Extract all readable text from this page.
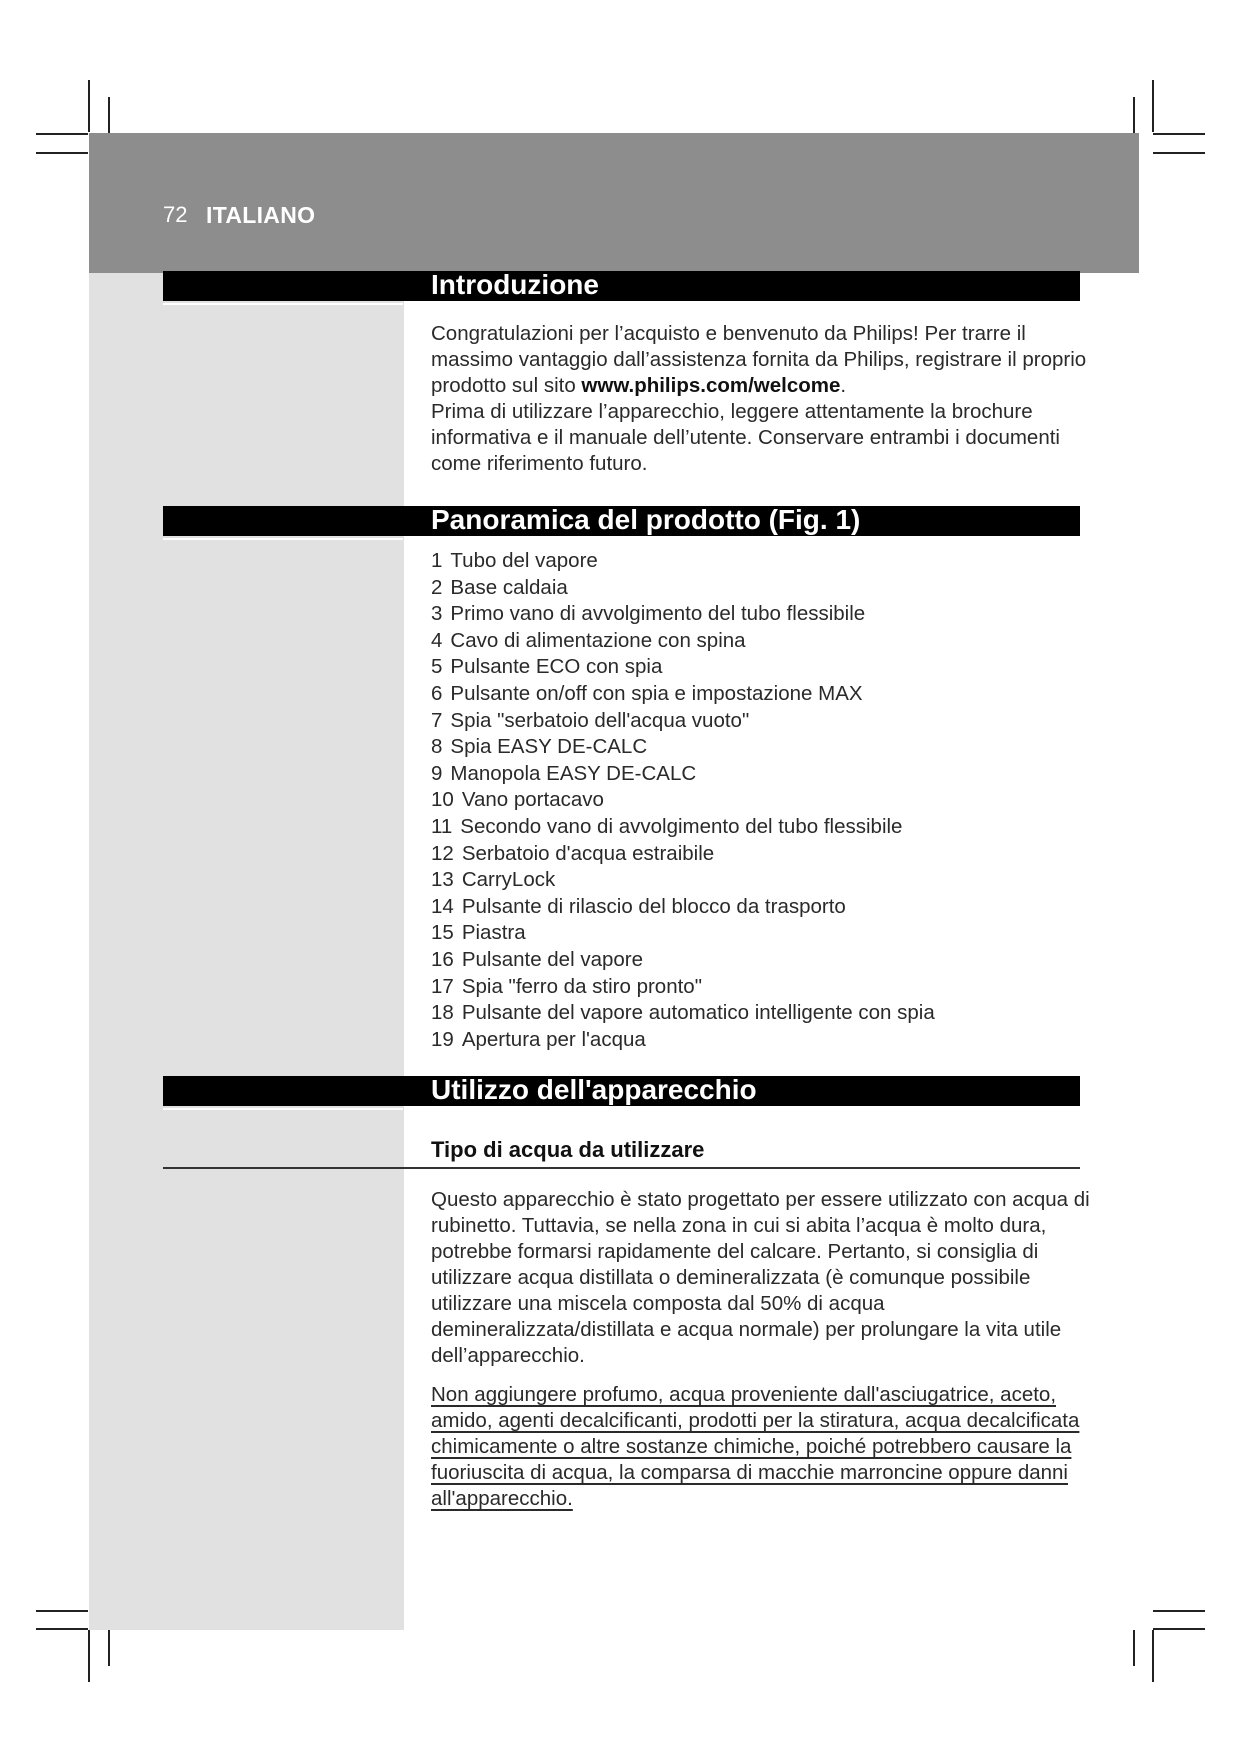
72 ITALIANO
Introduzione

Congratulazioni per l’acquisto e benvenuto da Philips! Per trarre il massimo vantaggio dall’assistenza fornita da Philips, registrare il proprio prodotto sul sito www.philips.com/welcome.

Prima di utilizzare l’apparecchio, leggere attentamente la brochure informativa e il manuale dell’utente. Conservare entrambi i documenti come riferimento futuro.

Panoramica del prodotto (Fig. 1)
1 Tubo del vapore
2 Base caldaia
3 Primo vano di avvolgimento del tubo flessibile
4 Cavo di alimentazione con spina
5 Pulsante ECO con spia
6 Pulsante on/off con spia e impostazione MAX
7 Spia "serbatoio dell'acqua vuoto"
8 Spia EASY DE-CALC
9 Manopola EASY DE-CALC
10 Vano portacavo
11 Secondo vano di avvolgimento del tubo flessibile
12 Serbatoio d'acqua estraibile
13 CarryLock
14 Pulsante di rilascio del blocco da trasporto
15 Piastra
16 Pulsante del vapore
17 Spia "ferro da stiro pronto"
18 Pulsante del vapore automatico intelligente con spia
19 Apertura per l'acqua
Utilizzo dell'apparecchio
Tipo di acqua da utilizzare

Questo apparecchio è stato progettato per essere utilizzato con acqua di rubinetto. Tuttavia, se nella zona in cui si abita l’acqua è molto dura, potrebbe formarsi rapidamente del calcare. Pertanto, si consiglia di utilizzare acqua distillata o demineralizzata (è comunque possibile utilizzare una miscela composta dal 50% di acqua demineralizzata/distillata e acqua normale) per prolungare la vita utile dell’apparecchio.

Non aggiungere profumo, acqua proveniente dall'asciugatrice, aceto, amido, agenti decalcificanti, prodotti per la stiratura, acqua decalcificata chimicamente o altre sostanze chimiche, poiché potrebbero causare la fuoriuscita di acqua, la comparsa di macchie marroncine oppure danni all'apparecchio.
